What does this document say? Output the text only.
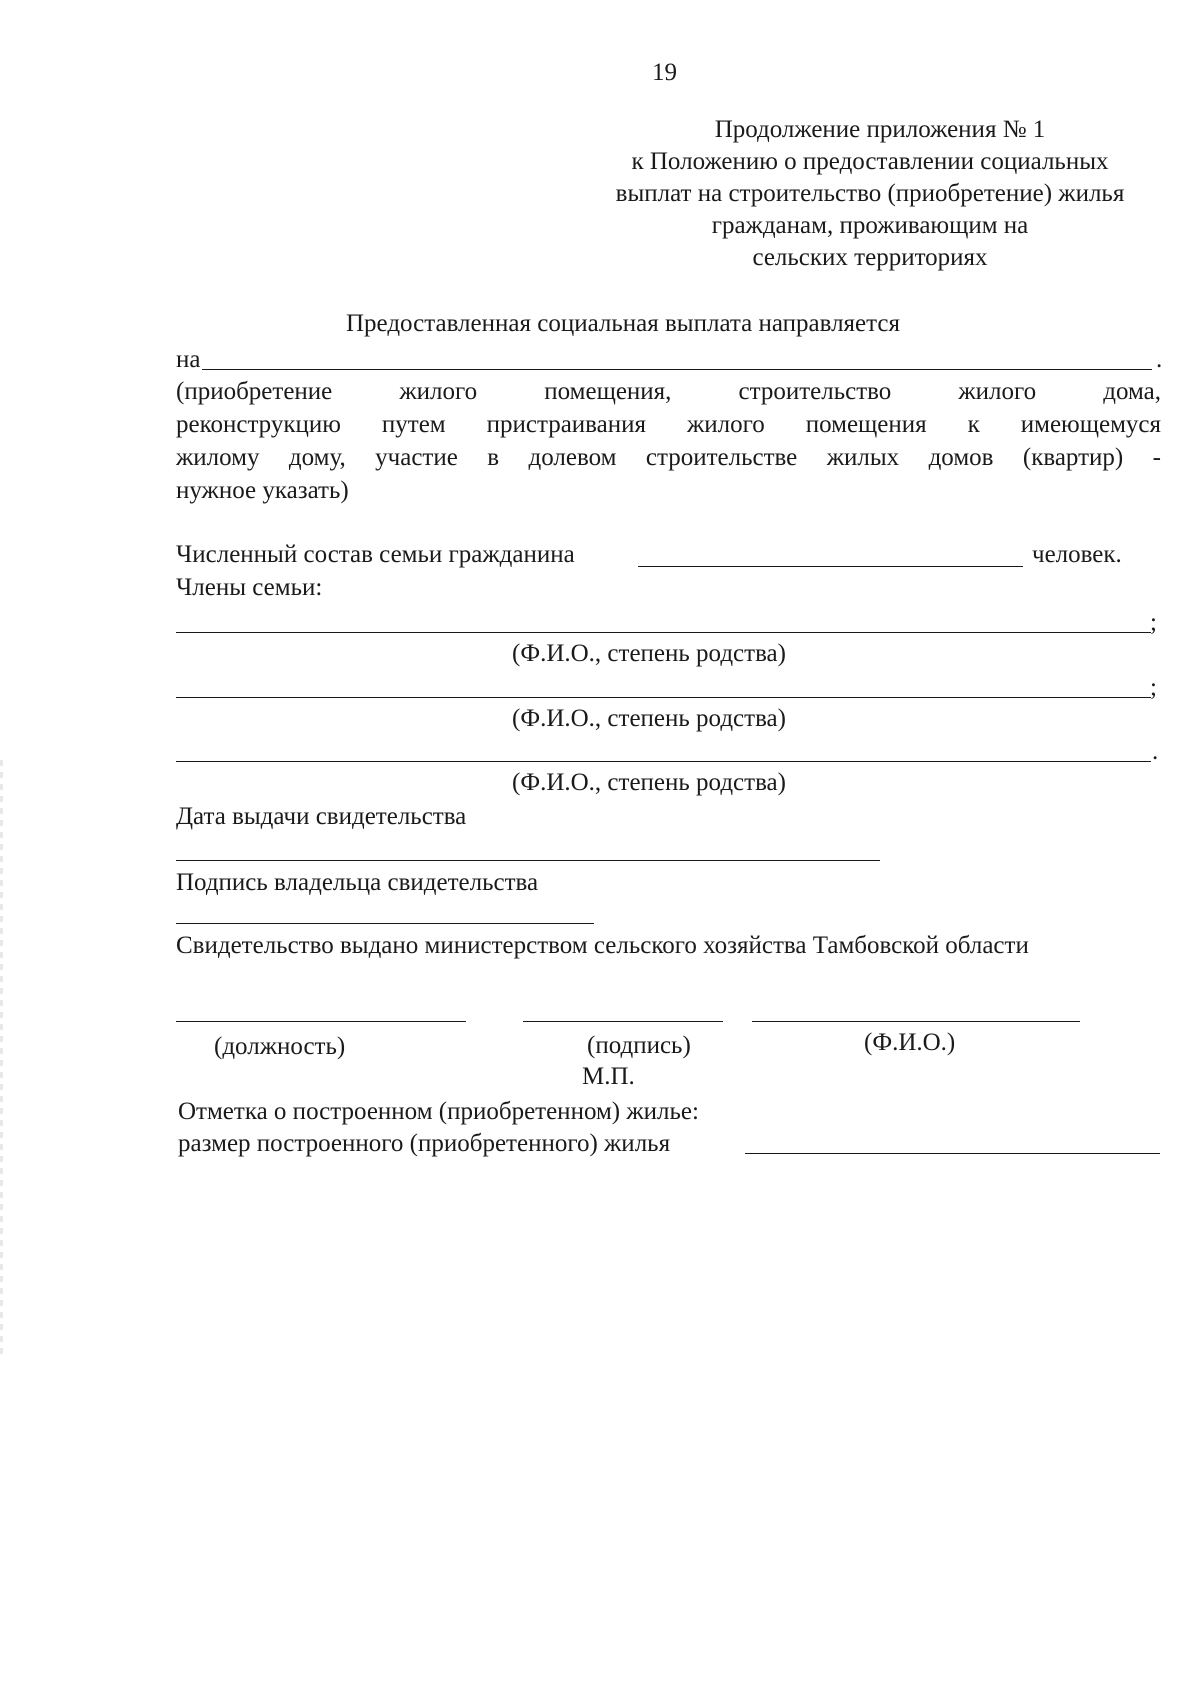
19
Продолжение приложения № 1
к Положению о предоставлении социальных
выплат на строительство (приобретение) жилья
гражданам, проживающим на
сельских территориях
Предоставленная социальная выплата направляется
на	.
(приобретение жилого помещения, строительство жилого дома,
реконструкцию путем пристраивания жилого помещения к имеющемуся
жилому дому, участие в долевом строительстве жилых домов (квартир) -
нужное указать)
Численный состав семьи гражданина	человек.
Члены семьи:
;
(Ф.И.О., степень родства)
;
(Ф.И.О., степень родства)
.
(Ф.И.О., степень родства)
Дата выдачи свидетельства
Подпись владельца свидетельства
Свидетельство выдано министерством сельского хозяйства Тамбовской области
(должность)	(подпись)	(Ф.И.О.)
М.П.
Отметка о построенном (приобретенном) жилье:
размер построенного (приобретенного) жилья
